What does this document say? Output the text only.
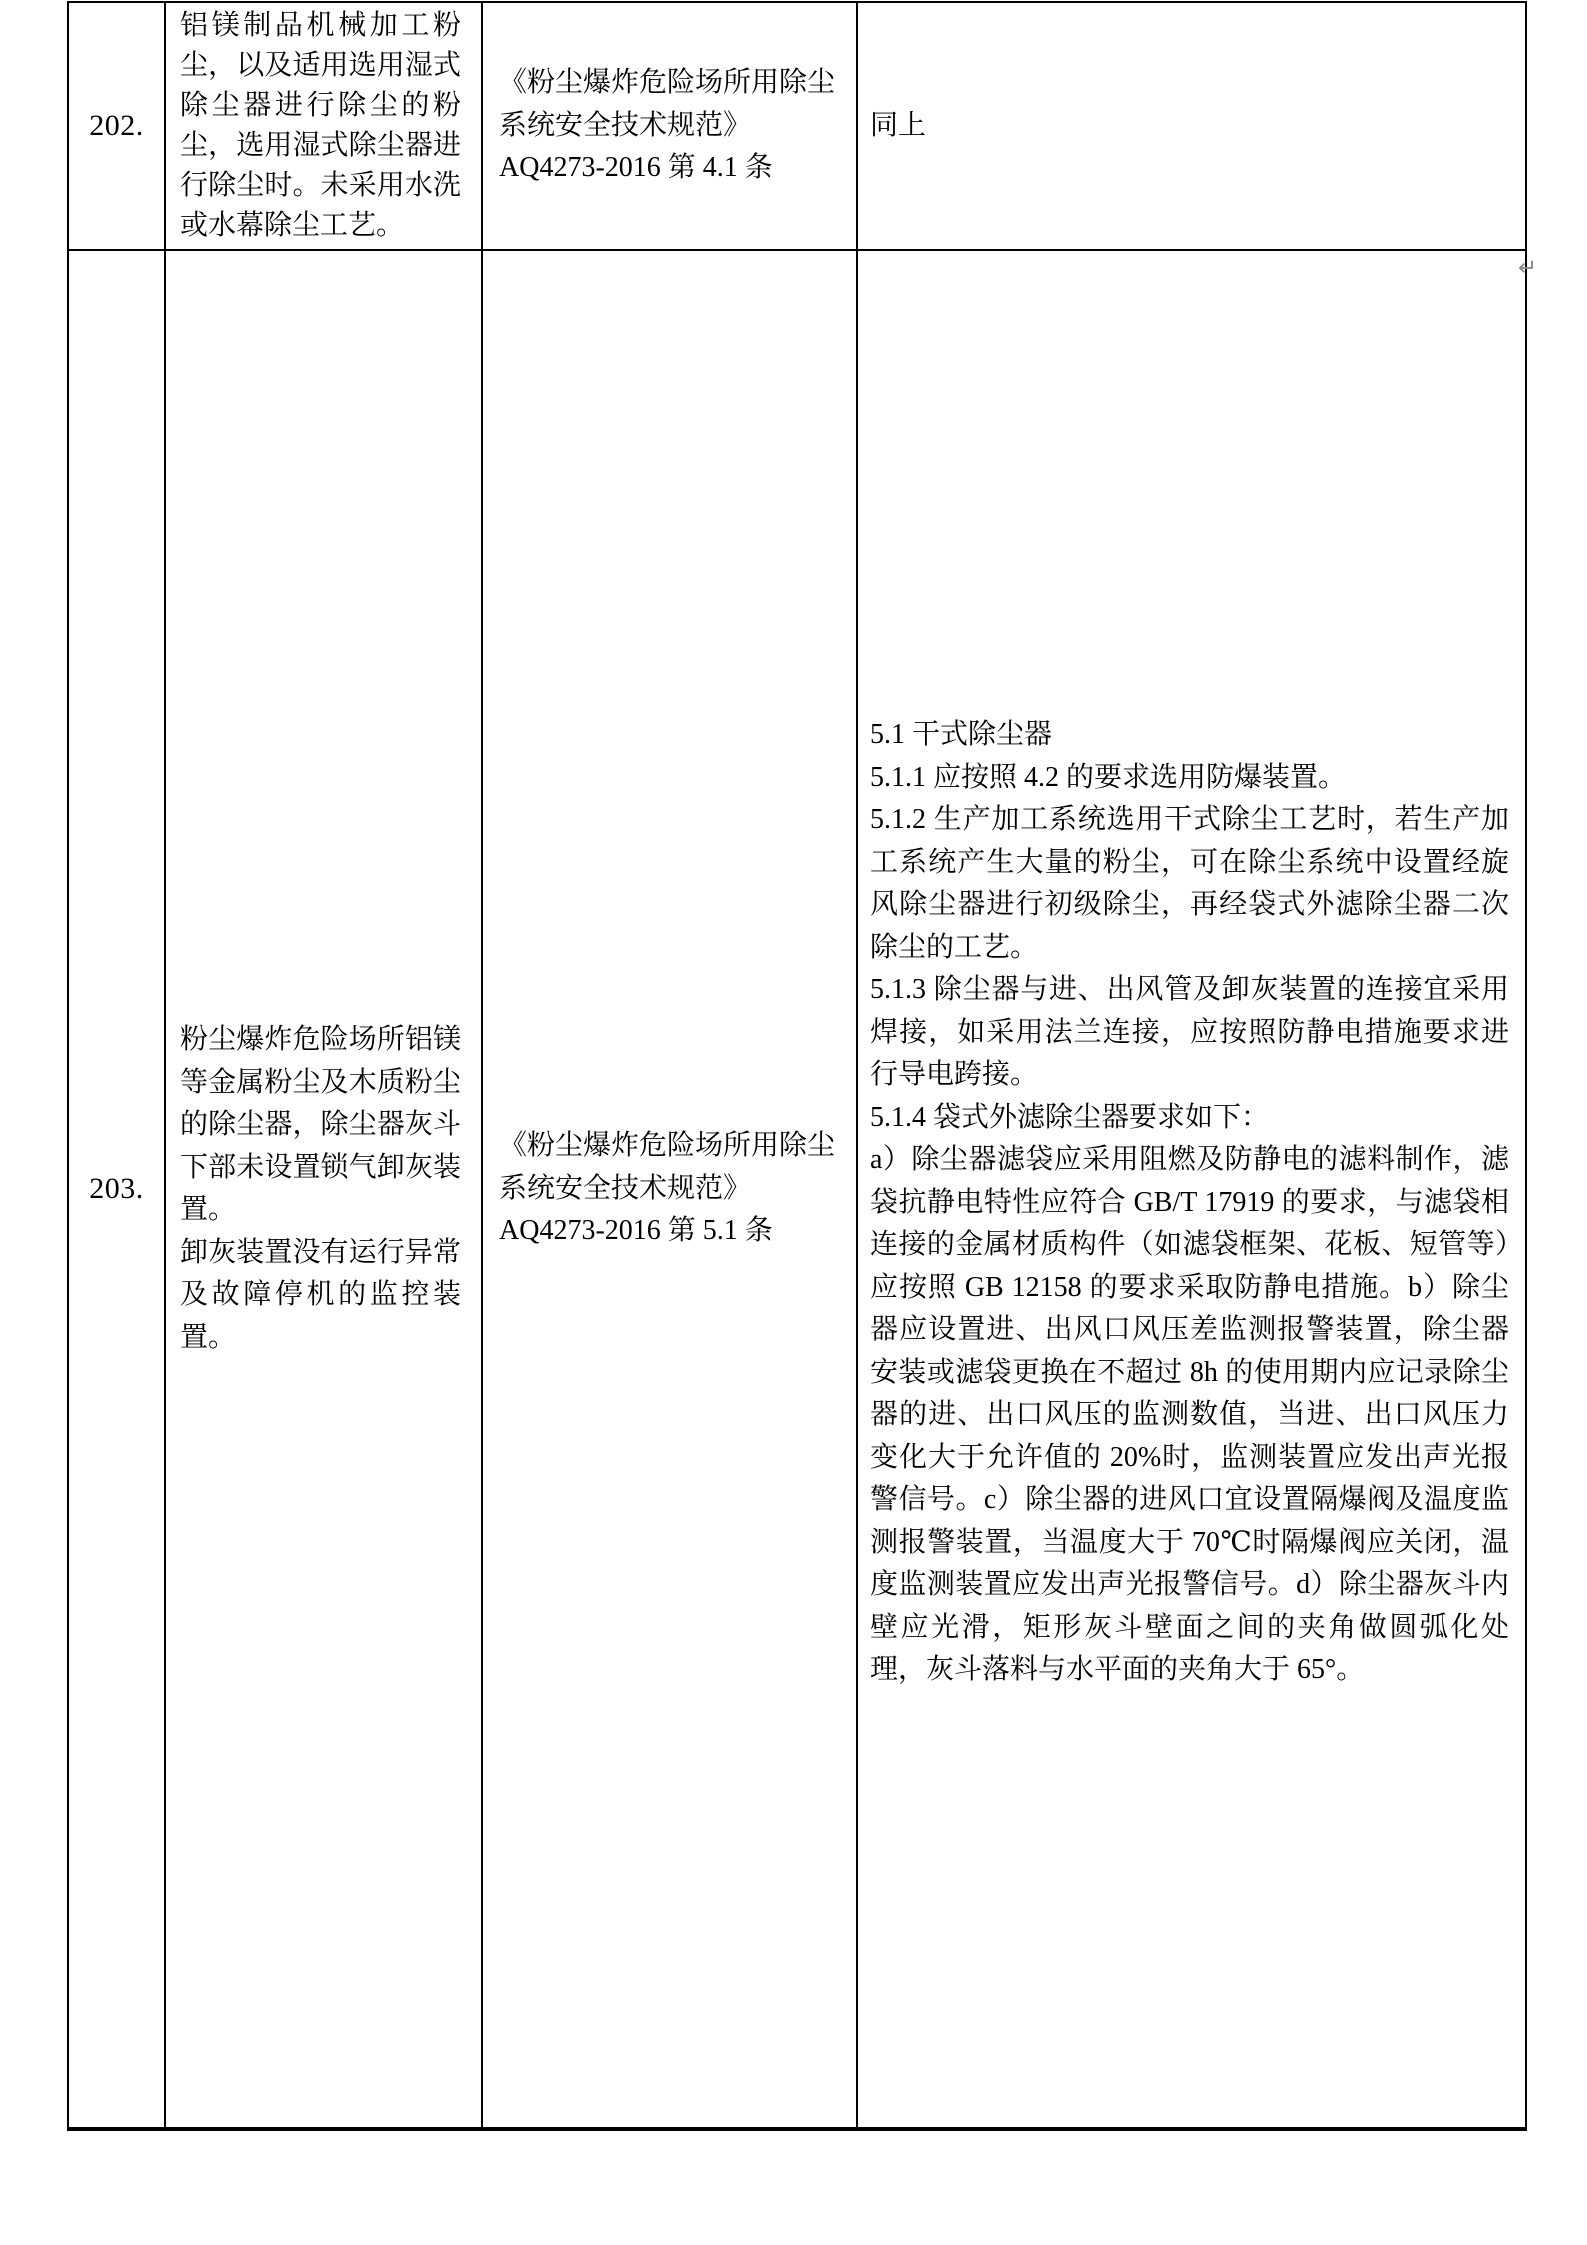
202.
铝镁制品机械加工粉尘，以及适用选用湿式除尘器进行除尘的粉尘，选用湿式除尘器进行除尘时。未采用水洗或水幕除尘工艺。
《粉尘爆炸危险场所用除尘
系统安全技术规范》
AQ4273-2016 第 4.1 条
同上
203.
粉尘爆炸危险场所铝镁等金属粉尘及木质粉尘的除尘器，除尘器灰斗下部未设置锁气卸灰装置。
卸灰装置没有运行异常及故障停机的监控装置。
《粉尘爆炸危险场所用除尘
系统安全技术规范》
AQ4273-2016 第 5.1 条
5.1 干式除尘器
5.1.1 应按照 4.2 的要求选用防爆装置。
5.1.2 生产加工系统选用干式除尘工艺时，若生产加工系统产生大量的粉尘，可在除尘系统中设置经旋风除尘器进行初级除尘，再经袋式外滤除尘器二次除尘的工艺。
5.1.3 除尘器与进、出风管及卸灰装置的连接宜采用焊接，如采用法兰连接，应按照防静电措施要求进行导电跨接。
5.1.4 袋式外滤除尘器要求如下：
a）除尘器滤袋应采用阻燃及防静电的滤料制作，滤袋抗静电特性应符合 GB/T 17919 的要求，与滤袋相连接的金属材质构件（如滤袋框架、花板、短管等）应按照 GB 12158 的要求采取防静电措施。b）除尘器应设置进、出风口风压差监测报警装置，除尘器安装或滤袋更换在不超过 8h 的使用期内应记录除尘器的进、出口风压的监测数值，当进、出口风压力变化大于允许值的 20%时，监测装置应发出声光报警信号。c）除尘器的进风口宜设置隔爆阀及温度监测报警装置，当温度大于 70℃时隔爆阀应关闭，温度监测装置应发出声光报警信号。d）除尘器灰斗内壁应光滑，矩形灰斗壁面之间的夹角做圆弧化处理，灰斗落料与水平面的夹角大于 65°。
↵
